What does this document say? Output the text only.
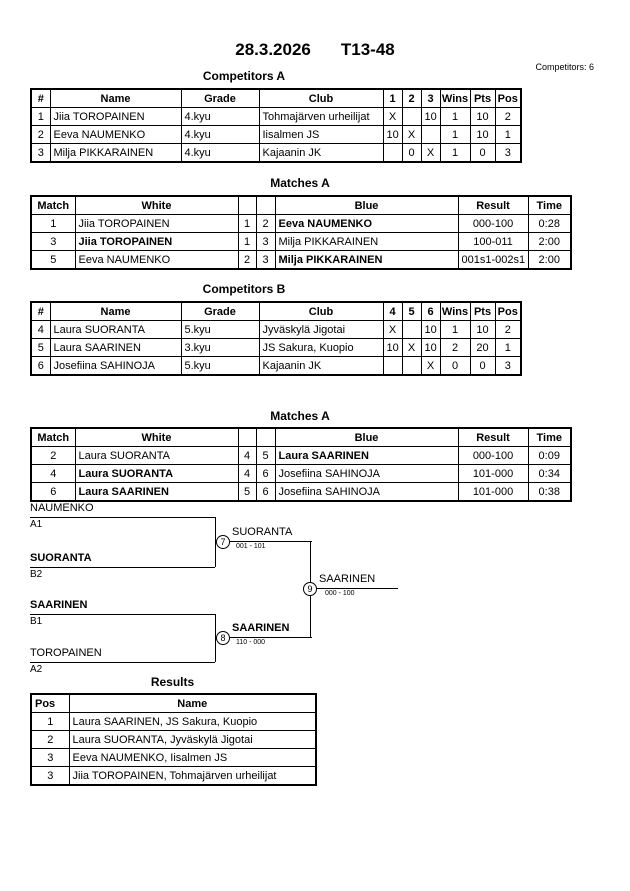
28.3.2026 T13-48
Competitors: 6
Competitors A
#	Name	Grade	Club	1	2	3	Wins	Pts	Pos
1	Jiia TOROPAINEN	4.kyu	Tohmajärven urheilijat	X		10	1	10	2
2	Eeva NAUMENKO	4.kyu	Iisalmen JS	10	X		1	10	1
3	Milja PIKKARAINEN	4.kyu	Kajaanin JK		0	X	1	0	3
Matches A
Match	White			Blue	Result	Time
1	Jiia TOROPAINEN	1	2	Eeva NAUMENKO	000-100	0:28
3	Jiia TOROPAINEN	1	3	Milja PIKKARAINEN	100-011	2:00
5	Eeva NAUMENKO	2	3	Milja PIKKARAINEN	001s1-002s1	2:00
Competitors B
#	Name	Grade	Club	4	5	6	Wins	Pts	Pos
4	Laura SUORANTA	5.kyu	Jyväskylä Jigotai	X		10	1	10	2
5	Laura SAARINEN	3.kyu	JS Sakura, Kuopio	10	X	10	2	20	1
6	Josefiina SAHINOJA	5.kyu	Kajaanin JK			X	0	0	3
Matches A
Match	White			Blue	Result	Time
2	Laura SUORANTA	4	5	Laura SAARINEN	000-100	0:09
4	Laura SUORANTA	4	6	Josefiina SAHINOJA	101-000	0:34
6	Laura SAARINEN	5	6	Josefiina SAHINOJA	101-000	0:38
NAUMENKO
A1
SUORANTA
B2
7
SUORANTA
001 - 101
SAARINEN
B1
TOROPAINEN
A2
8
SAARINEN
110 - 000
9
SAARINEN
000 - 100
Results
Pos	Name
1	Laura SAARINEN, JS Sakura, Kuopio
2	Laura SUORANTA, Jyväskylä Jigotai
3	Eeva NAUMENKO, Iisalmen JS
3	Jiia TOROPAINEN, Tohmajärven urheilijat
